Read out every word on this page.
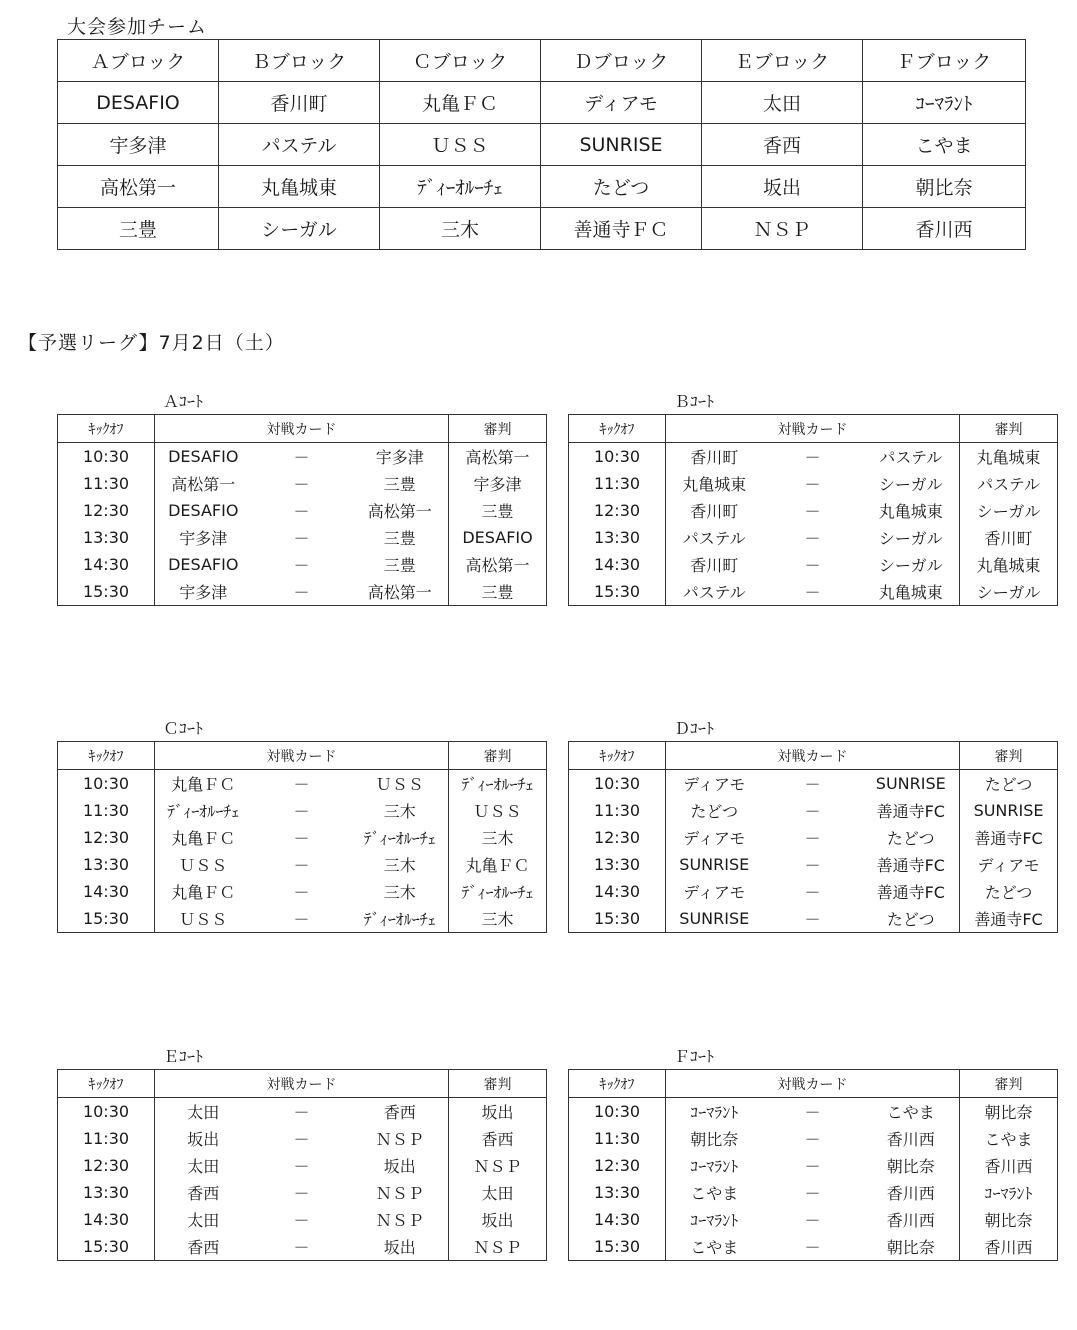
大会参加チーム
Ａブロック	Ｂブロック	Ｃブロック	Ｄブロック	Ｅブロック	Ｆブロック
DESAFIO	香川町	丸亀ＦＣ	ディアモ	太田	ｺｰﾏﾗﾝﾄ
宇多津	パステル	ＵＳＳ	SUNRISE	香西	こやま
高松第一	丸亀城東	ﾃﾞｨｰｵﾙｰﾁｪ	たどつ	坂出	朝比奈
三豊	シーガル	三木	善通寺ＦＣ	ＮＳＰ	香川西
【予選リーグ】7月2日（土）
Ａｺｰﾄ
ｷｯｸｵﾌ	対戦カード			審判
10:30	DESAFIO	－	宇多津	高松第一
11:30	高松第一	－	三豊	宇多津
12:30	DESAFIO	－	高松第一	三豊
13:30	宇多津	－	三豊	DESAFIO
14:30	DESAFIO	－	三豊	高松第一
15:30	宇多津	－	高松第一	三豊
Ｂｺｰﾄ
ｷｯｸｵﾌ	対戦カード			審判
10:30	香川町	－	パステル	丸亀城東
11:30	丸亀城東	－	シーガル	パステル
12:30	香川町	－	丸亀城東	シーガル
13:30	パステル	－	シーガル	香川町
14:30	香川町	－	シーガル	丸亀城東
15:30	パステル	－	丸亀城東	シーガル
Ｃｺｰﾄ
ｷｯｸｵﾌ	対戦カード			審判
10:30	丸亀ＦＣ	－	ＵＳＳ	ﾃﾞｨｰｵﾙｰﾁｪ
11:30	ﾃﾞｨｰｵﾙｰﾁｪ	－	三木	ＵＳＳ
12:30	丸亀ＦＣ	－	ﾃﾞｨｰｵﾙｰﾁｪ	三木
13:30	ＵＳＳ	－	三木	丸亀ＦＣ
14:30	丸亀ＦＣ	－	三木	ﾃﾞｨｰｵﾙｰﾁｪ
15:30	ＵＳＳ	－	ﾃﾞｨｰｵﾙｰﾁｪ	三木
Ｄｺｰﾄ
ｷｯｸｵﾌ	対戦カード			審判
10:30	ディアモ	－	SUNRISE	たどつ
11:30	たどつ	－	善通寺FC	SUNRISE
12:30	ディアモ	－	たどつ	善通寺FC
13:30	SUNRISE	－	善通寺FC	ディアモ
14:30	ディアモ	－	善通寺FC	たどつ
15:30	SUNRISE	－	たどつ	善通寺FC
Ｅｺｰﾄ
ｷｯｸｵﾌ	対戦カード			審判
10:30	太田	－	香西	坂出
11:30	坂出	－	ＮＳＰ	香西
12:30	太田	－	坂出	ＮＳＰ
13:30	香西	－	ＮＳＰ	太田
14:30	太田	－	ＮＳＰ	坂出
15:30	香西	－	坂出	ＮＳＰ
Ｆｺｰﾄ
ｷｯｸｵﾌ	対戦カード			審判
10:30	ｺｰﾏﾗﾝﾄ	－	こやま	朝比奈
11:30	朝比奈	－	香川西	こやま
12:30	ｺｰﾏﾗﾝﾄ	－	朝比奈	香川西
13:30	こやま	－	香川西	ｺｰﾏﾗﾝﾄ
14:30	ｺｰﾏﾗﾝﾄ	－	香川西	朝比奈
15:30	こやま	－	朝比奈	香川西
